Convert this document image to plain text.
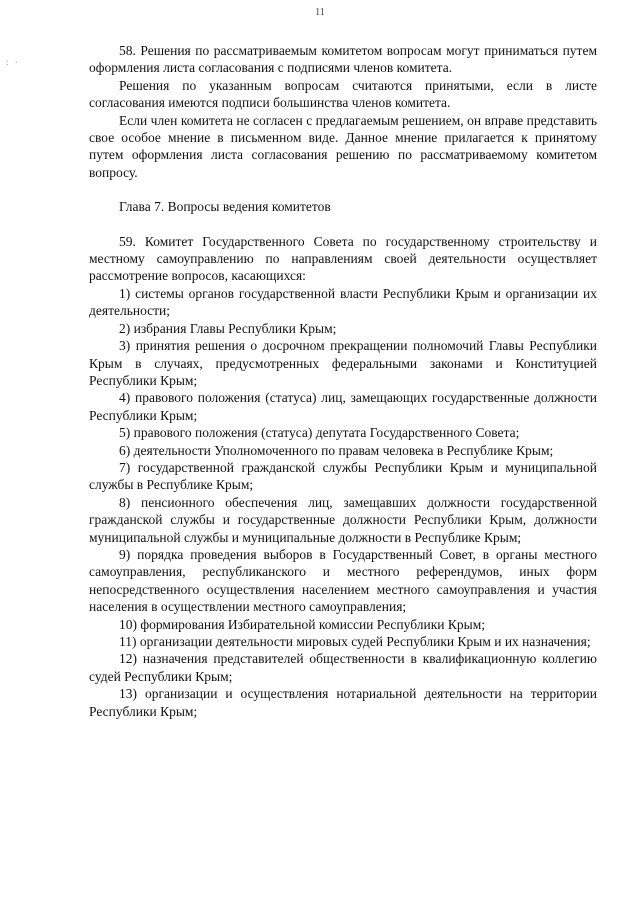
11
: ·

58. Решения по рассматриваемым комитетом вопросам могут приниматься путем оформления листа согласования с подписями членов комитета.

Решения по указанным вопросам считаются принятыми, если в листе согласования имеются подписи большинства членов комитета.

Если член комитета не согласен с предлагаемым решением, он вправе представить свое особое мнение в письменном виде. Данное мнение прилагается к принятому путем оформления листа согласования решению по рассматриваемому комитетом вопросу.

Глава 7. Вопросы ведения комитетов

59. Комитет Государственного Совета по государственному строительству и местному самоуправлению по направлениям своей деятельности осуществляет рассмотрение вопросов, касающихся:

1) системы органов государственной власти Республики Крым и организации их деятельности;

2) избрания Главы Республики Крым;

3) принятия решения о досрочном прекращении полномочий Главы Республики Крым в случаях, предусмотренных федеральными законами и Конституцией Республики Крым;

4) правового положения (статуса) лиц, замещающих государственные должности Республики Крым;

5) правового положения (статуса) депутата Государственного Совета;

6) деятельности Уполномоченного по правам человека в Республике Крым;

7) государственной гражданской службы Республики Крым и муниципальной службы в Республике Крым;

8) пенсионного обеспечения лиц, замещавших должности государственной гражданской службы и государственные должности Республики Крым, должности муниципальной службы и муниципальные должности в Республике Крым;

9) порядка проведения выборов в Государственный Совет, в органы местного самоуправления, республиканского и местного референдумов, иных форм непосредственного осуществления населением местного самоуправления и участия населения в осуществлении местного самоуправления;

10) формирования Избирательной комиссии Республики Крым;

11) организации деятельности мировых судей Республики Крым и их назначения;

12) назначения представителей общественности в квалификационную коллегию судей Республики Крым;

13) организации и осуществления нотариальной деятельности на территории Республики Крым;
